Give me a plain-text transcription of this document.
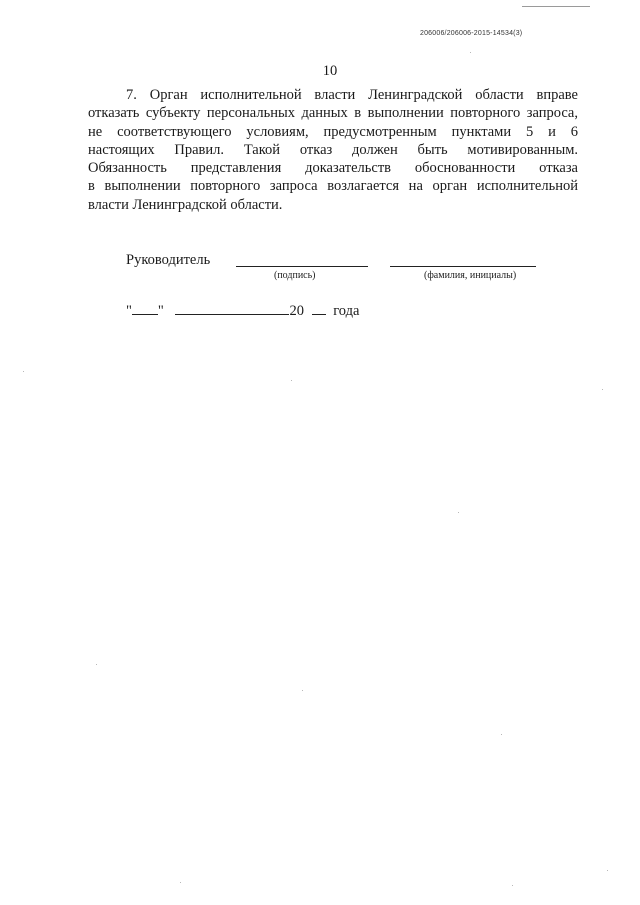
206006/206006-2015-14534(3)
10
7. Орган исполнительной власти Ленинградской области вправе
отказать субъекту персональных данных в выполнении повторного запроса,
не соответствующего условиям, предусмотренным пунктами 5 и 6
настоящих Правил. Такой отказ должен быть мотивированным.
Обязанность представления доказательств обоснованности отказа
в выполнении повторного запроса возлагается на орган исполнительной
власти Ленинградской области.
Руководитель
(подпись)	(фамилия, инициалы)
" "	20 года
